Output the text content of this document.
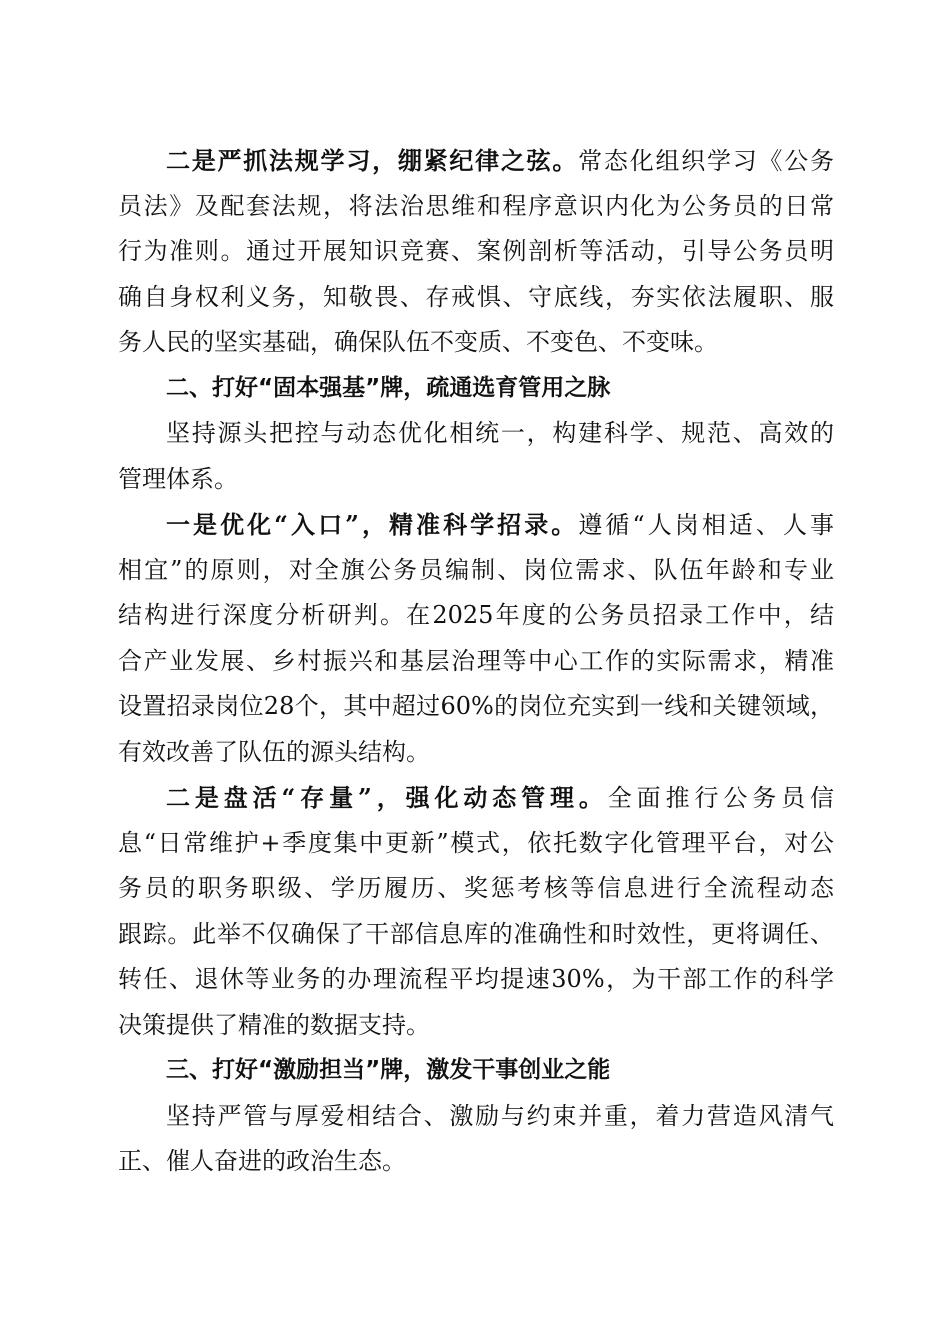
二是严抓法规学习，绷紧纪律之弦。常态化组织学习《公务
员法》及配套法规，将法治思维和程序意识内化为公务员的日常
行为准则。通过开展知识竞赛、案例剖析等活动，引导公务员明
确自身权利义务，知敬畏、存戒惧、守底线，夯实依法履职、服
务人民的坚实基础，确保队伍不变质、不变色、不变味。
二、打好“固本强基”牌，疏通选育管用之脉
坚持源头把控与动态优化相统一，构建科学、规范、高效的
管理体系。
一是优化“入口”，精准科学招录。遵循“人岗相适、人事
相宜”的原则，对全旗公务员编制、岗位需求、队伍年龄和专业
结构进行深度分析研判。在2025年度的公务员招录工作中，结
合产业发展、乡村振兴和基层治理等中心工作的实际需求，精准
设置招录岗位28个，其中超过60%的岗位充实到一线和关键领域，
有效改善了队伍的源头结构。
二是盘活“存量”，强化动态管理。全面推行公务员信
息“日常维护+季度集中更新”模式，依托数字化管理平台，对公
务员的职务职级、学历履历、奖惩考核等信息进行全流程动态
跟踪。此举不仅确保了干部信息库的准确性和时效性，更将调任、
转任、退休等业务的办理流程平均提速30%，为干部工作的科学
决策提供了精准的数据支持。
三、打好“激励担当”牌，激发干事创业之能
坚持严管与厚爱相结合、激励与约束并重，着力营造风清气
正、催人奋进的政治生态。
